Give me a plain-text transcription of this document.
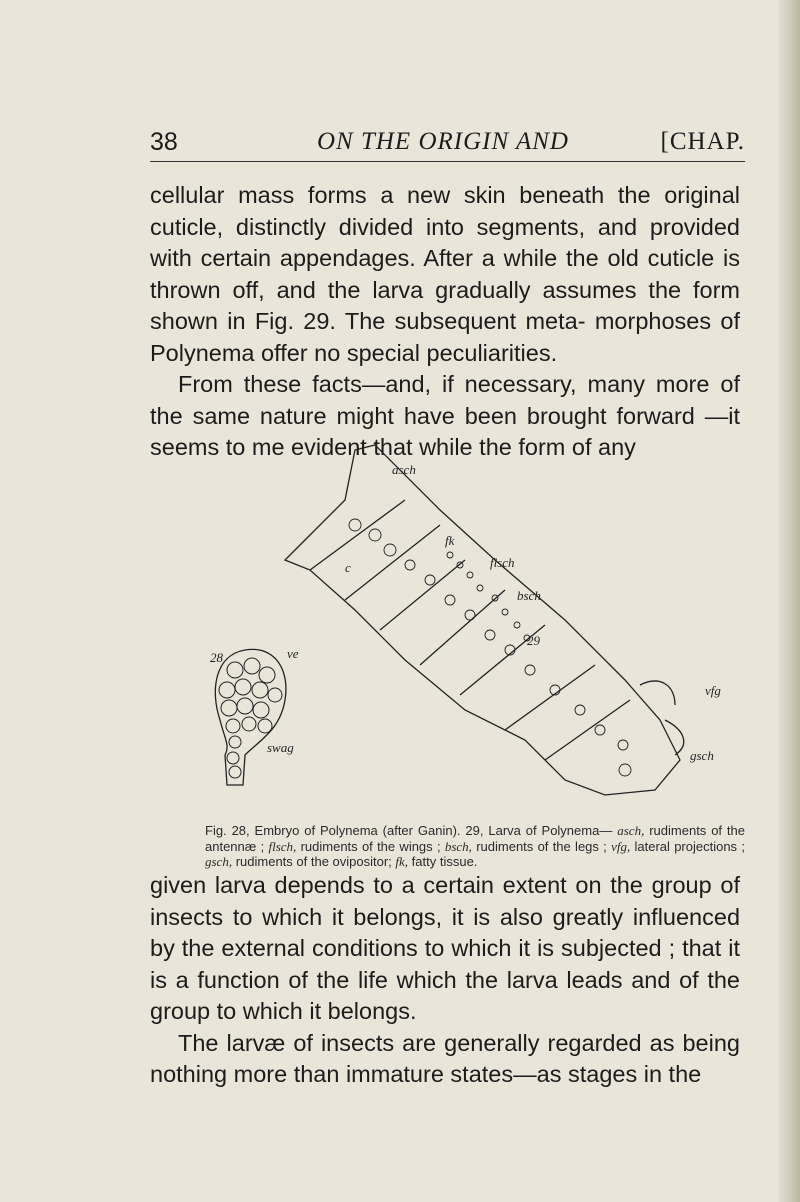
38	ON THE ORIGIN AND	[CHAP.

cellular mass forms a new skin beneath the original cuticle, distinctly divided into segments, and provided with certain appendages. After a while the old cuticle is thrown off, and the larva gradually assumes the form shown in Fig. 29. The subsequent meta- morphoses of Polynema offer no special peculiarities.

From these facts—and, if necessary, many more of the same nature might have been brought forward —it seems to me evident that while the form of any

28
29
asch
fk
flsch
bsch
c
ve
vfg
gsch
swag
Fig. 28, Embryo of Polynema (after Ganin). 29, Larva of Polynema— asch, rudiments of the antennæ ; flsch, rudiments of the wings ; bsch, rudiments of the legs ; vfg, lateral projections ; gsch, rudiments of the ovipositor; fk, fatty tissue.

given larva depends to a certain extent on the group of insects to which it belongs, it is also greatly influenced by the external conditions to which it is subjected ; that it is a function of the life which the larva leads and of the group to which it belongs.

The larvæ of insects are generally regarded as being nothing more than immature states—as stages in the
